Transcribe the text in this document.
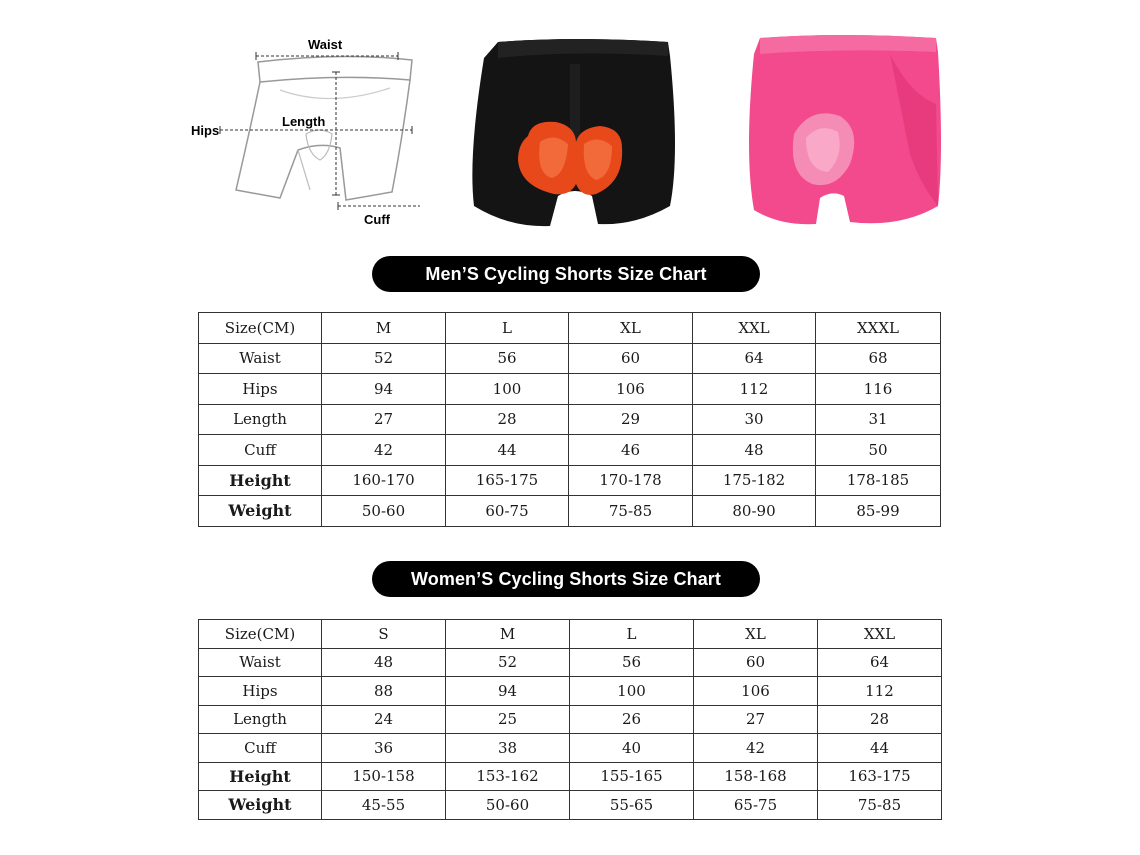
Waist
Hips
Length
Cuff
Men’S Cycling Shorts Size Chart
Size(CM)	M	L	XL	XXL	XXXL
Waist	52	56	60	64	68
Hips	94	100	106	112	116
Length	27	28	29	30	31
Cuff	42	44	46	48	50
Height	160-170	165-175	170-178	175-182	178-185
Weight	50-60	60-75	75-85	80-90	85-99
Women’S Cycling Shorts Size Chart
Size(CM)	S	M	L	XL	XXL
Waist	48	52	56	60	64
Hips	88	94	100	106	112
Length	24	25	26	27	28
Cuff	36	38	40	42	44
Height	150-158	153-162	155-165	158-168	163-175
Weight	45-55	50-60	55-65	65-75	75-85
